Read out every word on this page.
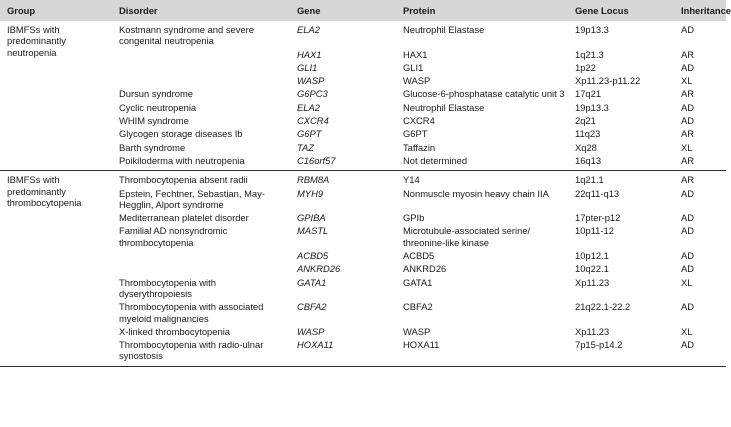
Group	Disorder	Gene	Protein	Gene Locus	Inheritance
IBMFSs with predominantly neutropenia	Kostmann syndrome and severe congenital neutropenia	ELA2	Neutrophil Elastase	19p13.3	AD
		HAX1	HAX1	1q21.3	AR
		GLI1	GLI1	1p22	AD
		WASP	WASP	Xp11.23-p11.22	XL
	Dursun syndrome	G6PC3	Glucose-6-phosphatase catalytic unit 3	17q21	AR
	Cyclic neutropenia	ELA2	Neutrophil Elastase	19p13.3	AD
	WHIM syndrome	CXCR4	CXCR4	2q21	AD
	Glycogen storage diseases Ib	G6PT	G6PT	11q23	AR
	Barth syndrome	TAZ	Taffazin	Xq28	XL
	Poikiloderma with neutropenia	C16orf57	Not determined	16q13	AR

IBMFSs with predominantly thrombocytopenia	Thrombocytopenia absent radii	RBM8A	Y14	1q21.1	AR
	Epstein, Fechtner, Sebastian, May-Hegglin, Alport syndrome	MYH9	Nonmuscle myosin heavy chain IIA	22q11-q13	AD
	Mediterranean platelet disorder	GPIBA	GPIb	17pter-p12	AD
	Familial AD nonsyndromic thrombocytopenia	MASTL	Microtubule-associated serine/ threonine-like kinase	10p11-12	AD
		ACBD5	ACBD5	10p12.1	AD
		ANKRD26	ANKRD26	10q22.1	AD
	Thrombocytopenia with dyserythropoiesis	GATA1	GATA1	Xp11.23	XL
	Thrombocytopenia with associated myeloid malignancies	CBFA2	CBFA2	21q22.1-22.2	AD
	X-linked thrombocytopenia	WASP	WASP	Xp11.23	XL
	Thrombocytopenia with radio-ulnar synostosis	HOXA11	HOXA11	7p15-p14.2	AD
